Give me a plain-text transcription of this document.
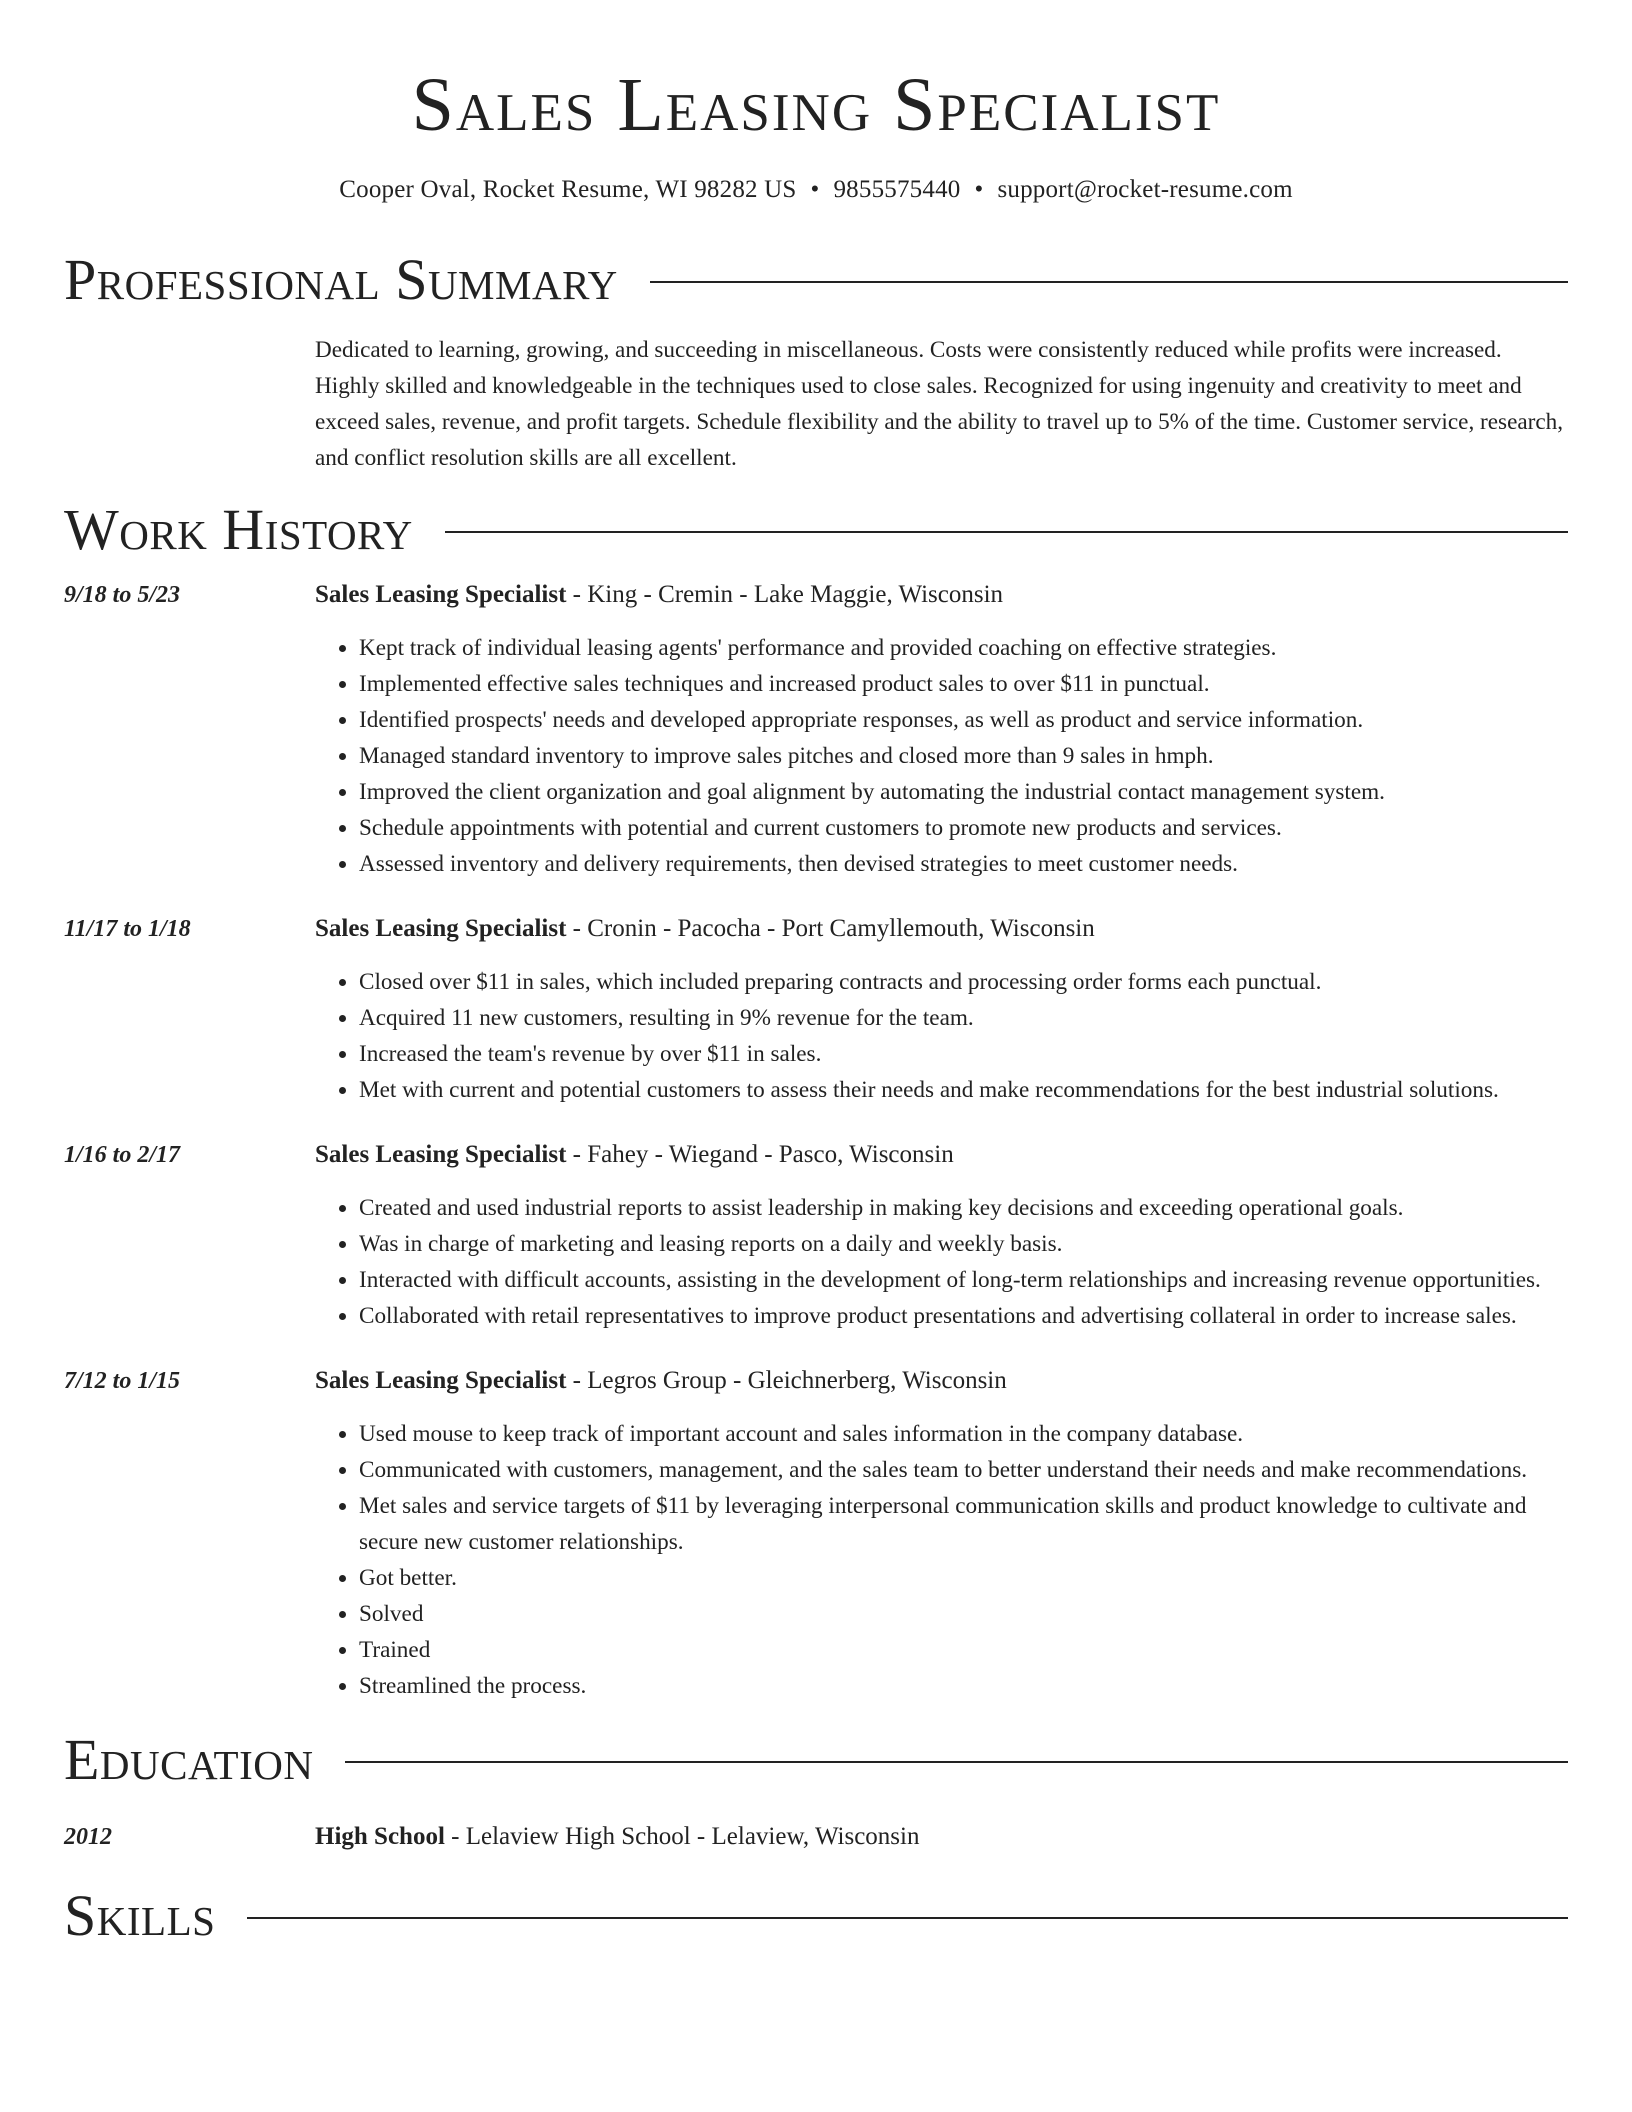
Sales Leasing Specialist
Cooper Oval, Rocket Resume, WI 98282 US • 9855575440 • support@rocket-resume.com
Professional Summary
Dedicated to learning, growing, and succeeding in miscellaneous. Costs were consistently reduced while profits were increased. Highly skilled and knowledgeable in the techniques used to close sales. Recognized for using ingenuity and creativity to meet and exceed sales, revenue, and profit targets. Schedule flexibility and the ability to travel up to 5% of the time. Customer service, research, and conflict resolution skills are all excellent.
Work History
9/18 to 5/23	Sales Leasing Specialist - King - Cremin - Lake Maggie, Wisconsin
• Kept track of individual leasing agents' performance and provided coaching on effective strategies.
• Implemented effective sales techniques and increased product sales to over $11 in punctual.
• Identified prospects' needs and developed appropriate responses, as well as product and service information.
• Managed standard inventory to improve sales pitches and closed more than 9 sales in hmph.
• Improved the client organization and goal alignment by automating the industrial contact management system.
• Schedule appointments with potential and current customers to promote new products and services.
• Assessed inventory and delivery requirements, then devised strategies to meet customer needs.
11/17 to 1/18	Sales Leasing Specialist - Cronin - Pacocha - Port Camyllemouth, Wisconsin
• Closed over $11 in sales, which included preparing contracts and processing order forms each punctual.
• Acquired 11 new customers, resulting in 9% revenue for the team.
• Increased the team's revenue by over $11 in sales.
• Met with current and potential customers to assess their needs and make recommendations for the best industrial solutions.
1/16 to 2/17	Sales Leasing Specialist - Fahey - Wiegand - Pasco, Wisconsin
• Created and used industrial reports to assist leadership in making key decisions and exceeding operational goals.
• Was in charge of marketing and leasing reports on a daily and weekly basis.
• Interacted with difficult accounts, assisting in the development of long-term relationships and increasing revenue opportunities.
• Collaborated with retail representatives to improve product presentations and advertising collateral in order to increase sales.
7/12 to 1/15	Sales Leasing Specialist - Legros Group - Gleichnerberg, Wisconsin
• Used mouse to keep track of important account and sales information in the company database.
• Communicated with customers, management, and the sales team to better understand their needs and make recommendations.
• Met sales and service targets of $11 by leveraging interpersonal communication skills and product knowledge to cultivate and secure new customer relationships.
• Got better.
• Solved
• Trained
• Streamlined the process.
Education
2012	High School - Lelaview High School - Lelaview, Wisconsin
Skills
